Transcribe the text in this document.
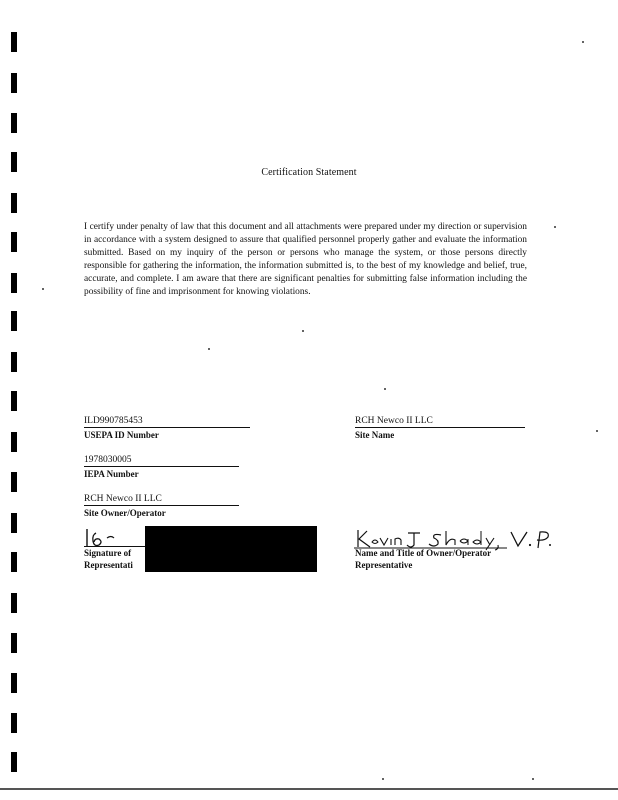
Certification Statement
I certify under penalty of law that this document and all attachments were prepared under my direction or supervision in accordance with a system designed to assure that qualified personnel properly gather and evaluate the information submitted. Based on my inquiry of the person or persons who manage the system, or those persons directly responsible for gathering the information, the information submitted is, to the best of my knowledge and belief, true, accurate, and complete. I am aware that there are significant penalties for submitting false information including the possibility of fine and imprisonment for knowing violations.
ILD990785453
USEPA ID Number
RCH Newco II LLC
Site Name
1978030005
IEPA Number
RCH Newco II LLC
Site Owner/Operator
Signature of
Representati
Name and Title of Owner/Operator
Representative
